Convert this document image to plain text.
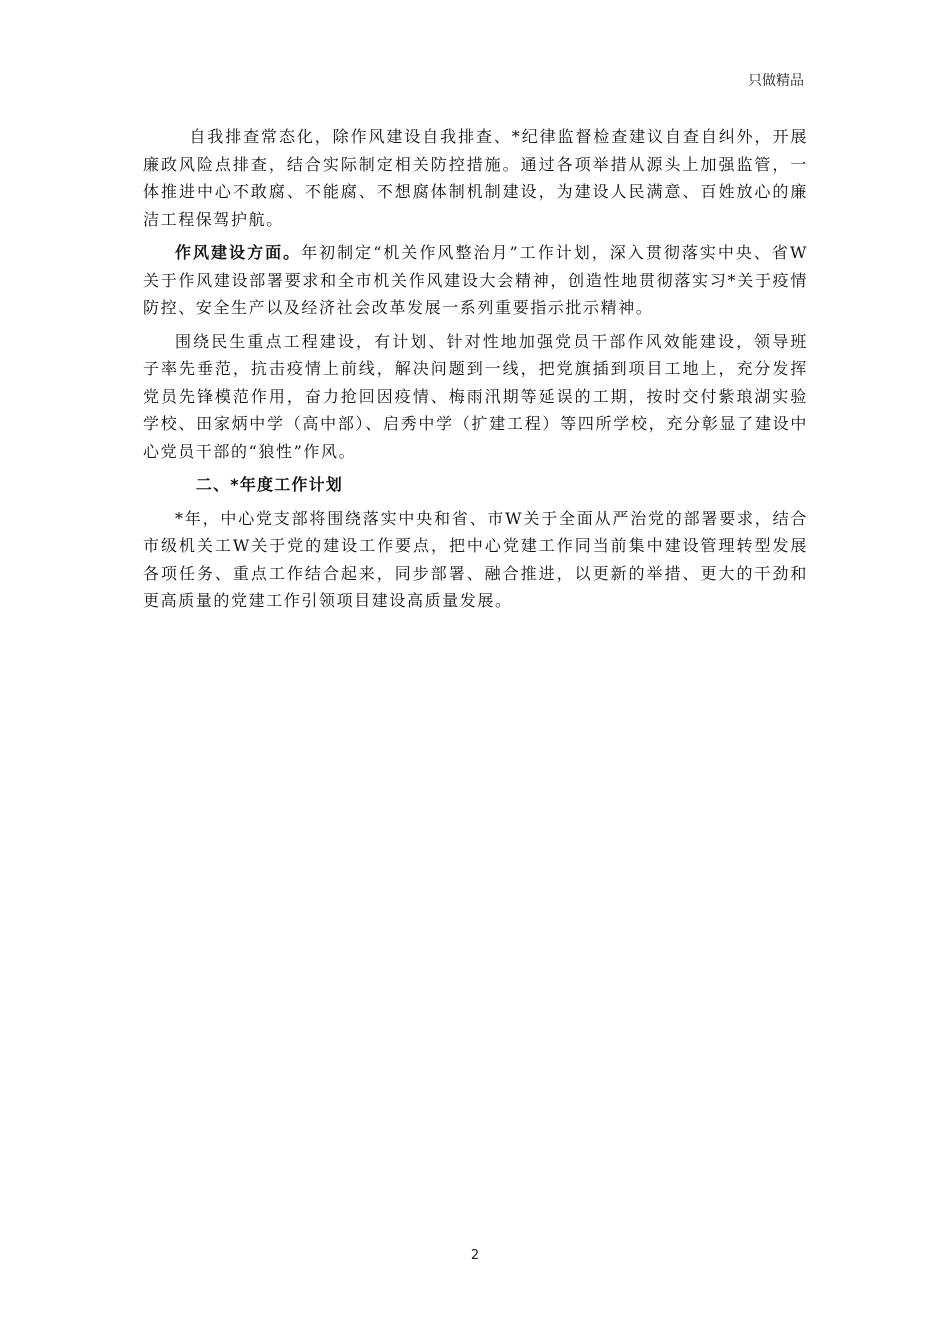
只做精品

自我排查常态化，除作风建设自我排查、*纪律监督检查建议自查自纠外，开展廉政风险点排查，结合实际制定相关防控措施。通过各项举措从源头上加强监管，一体推进中心不敢腐、不能腐、不想腐体制机制建设，为建设人民满意、百姓放心的廉洁工程保驾护航。

作风建设方面。年初制定“机关作风整治月”工作计划，深入贯彻落实中央、省W关于作风建设部署要求和全市机关作风建设大会精神，创造性地贯彻落实习*关于疫情防控、安全生产以及经济社会改革发展一系列重要指示批示精神。

围绕民生重点工程建设，有计划、针对性地加强党员干部作风效能建设，领导班子率先垂范，抗击疫情上前线，解决问题到一线，把党旗插到项目工地上，充分发挥党员先锋模范作用，奋力抢回因疫情、梅雨汛期等延误的工期，按时交付紫琅湖实验学校、田家炳中学（高中部）、启秀中学（扩建工程）等四所学校，充分彰显了建设中心党员干部的“狼性”作风。

二、*年度工作计划

*年，中心党支部将围绕落实中央和省、市W关于全面从严治党的部署要求，结合市级机关工W关于党的建设工作要点，把中心党建工作同当前集中建设管理转型发展各项任务、重点工作结合起来，同步部署、融合推进，以更新的举措、更大的干劲和更高质量的党建工作引领项目建设高质量发展。

2
